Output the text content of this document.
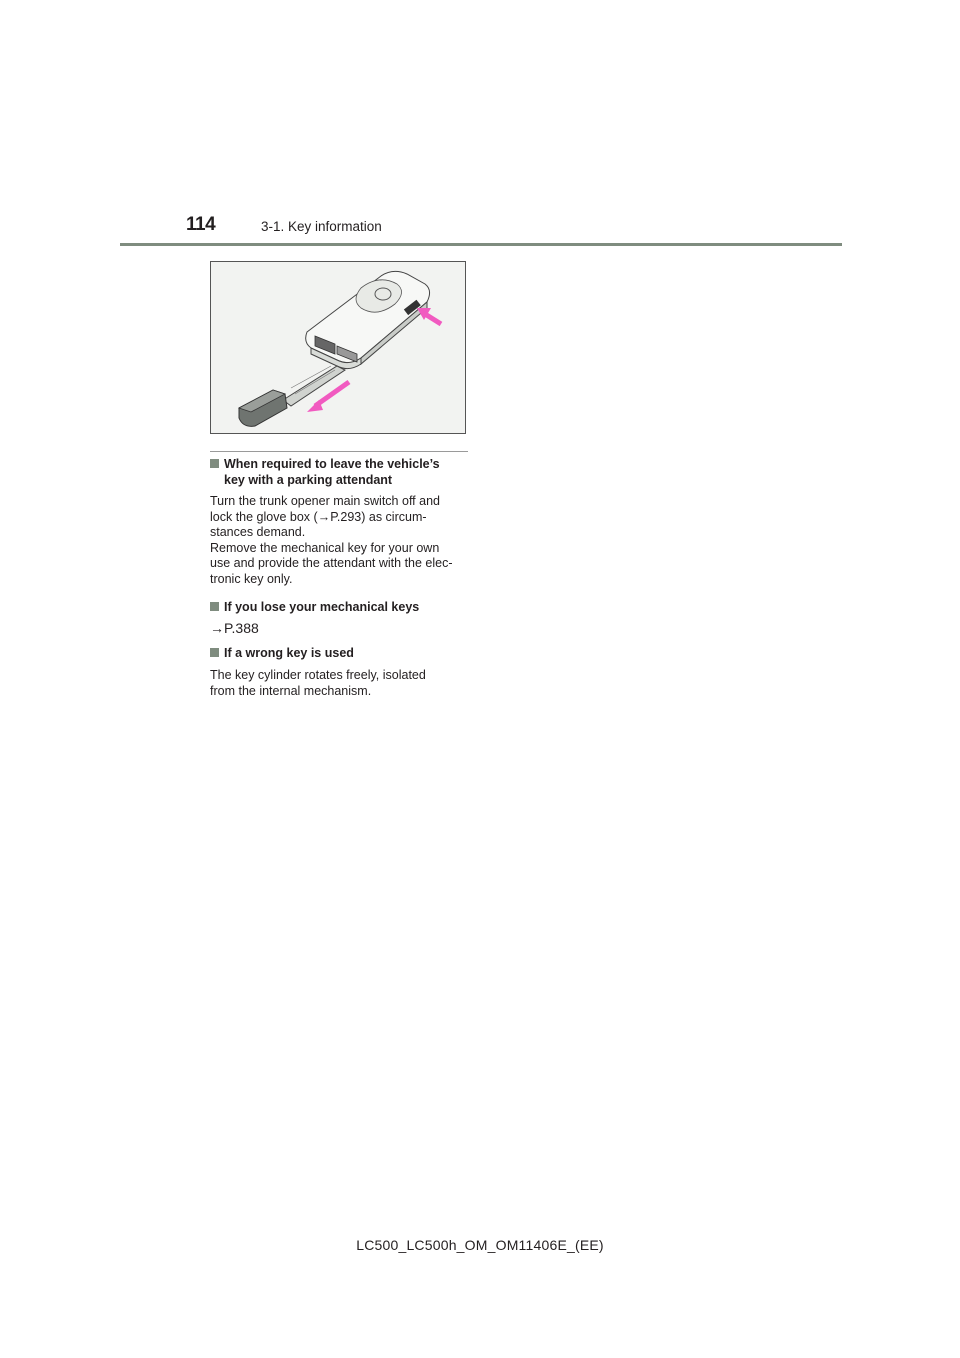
114	3-1. Key information
When required to leave the vehicle’s
key with a parking attendant
Turn the trunk opener main switch off and
lock the glove box (→P.293) as circum-
stances demand.
Remove the mechanical key for your own
use and provide the attendant with the elec-
tronic key only.
If you lose your mechanical keys
→P.388
If a wrong key is used
The key cylinder rotates freely, isolated
from the internal mechanism.
LC500_LC500h_OM_OM11406E_(EE)
